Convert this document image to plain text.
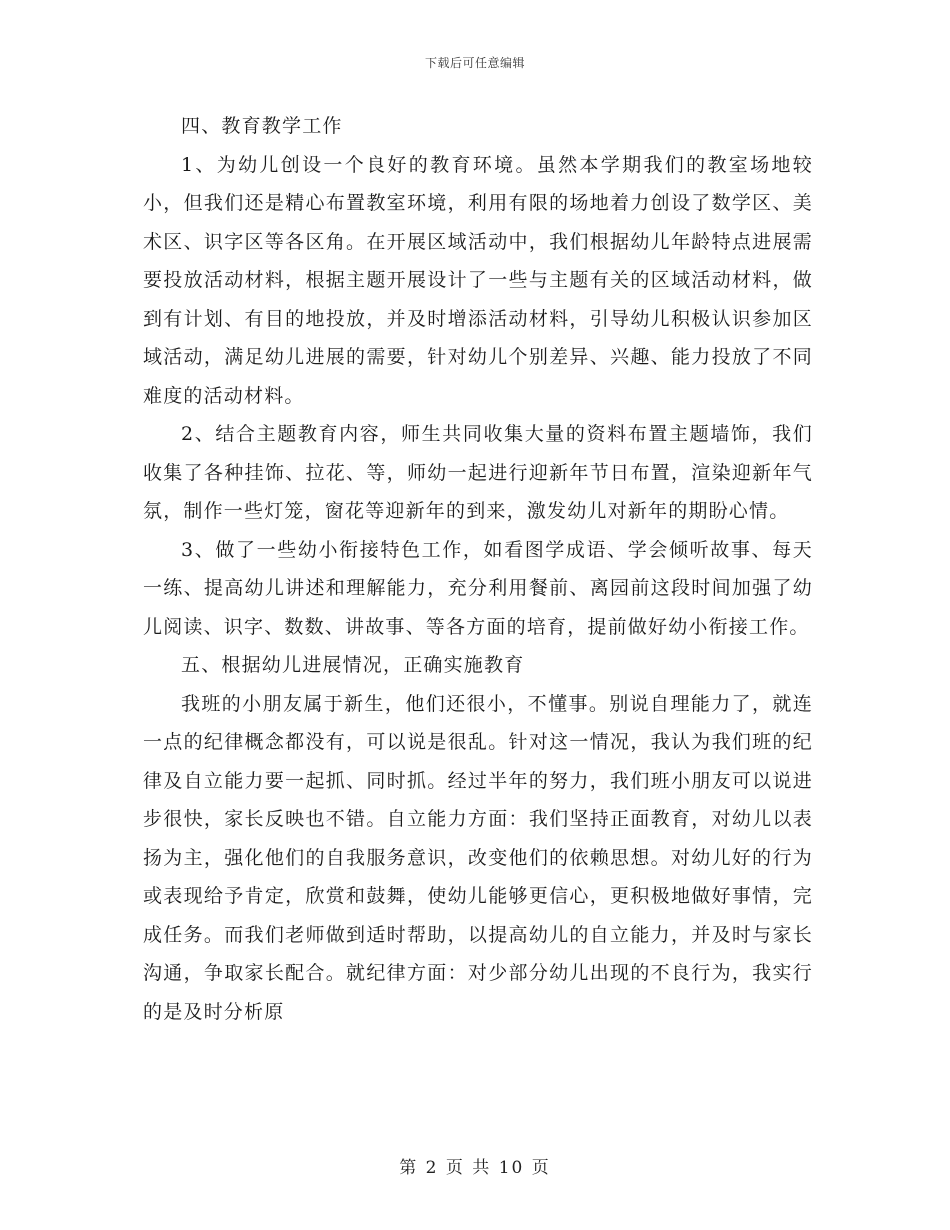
下载后可任意编辑

四、教育教学工作

1、为幼儿创设一个良好的教育环境。虽然本学期我们的教室场地较小，但我们还是精心布置教室环境，利用有限的场地着力创设了数学区、美术区、识字区等各区角。在开展区域活动中，我们根据幼儿年龄特点进展需要投放活动材料，根据主题开展设计了一些与主题有关的区域活动材料，做到有计划、有目的地投放，并及时增添活动材料，引导幼儿积极认识参加区域活动，满足幼儿进展的需要，针对幼儿个别差异、兴趣、能力投放了不同难度的活动材料。

2、结合主题教育内容，师生共同收集大量的资料布置主题墙饰，我们收集了各种挂饰、拉花、等，师幼一起进行迎新年节日布置，渲染迎新年气氛，制作一些灯笼，窗花等迎新年的到来，激发幼儿对新年的期盼心情。

3、做了一些幼小衔接特色工作，如看图学成语、学会倾听故事、每天一练、提高幼儿讲述和理解能力，充分利用餐前、离园前这段时间加强了幼儿阅读、识字、数数、讲故事、等各方面的培育，提前做好幼小衔接工作。

五、根据幼儿进展情况，正确实施教育

我班的小朋友属于新生，他们还很小，不懂事。别说自理能力了，就连一点的纪律概念都没有，可以说是很乱。针对这一情况，我认为我们班的纪律及自立能力要一起抓、同时抓。经过半年的努力，我们班小朋友可以说进步很快，家长反映也不错。自立能力方面：我们坚持正面教育，对幼儿以表扬为主，强化他们的自我服务意识，改变他们的依赖思想。对幼儿好的行为或表现给予肯定，欣赏和鼓舞，使幼儿能够更信心，更积极地做好事情，完成任务。而我们老师做到适时帮助，以提高幼儿的自立能力，并及时与家长沟通，争取家长配合。就纪律方面：对少部分幼儿出现的不良行为，我实行的是及时分析原

第 2 页 共 10 页
